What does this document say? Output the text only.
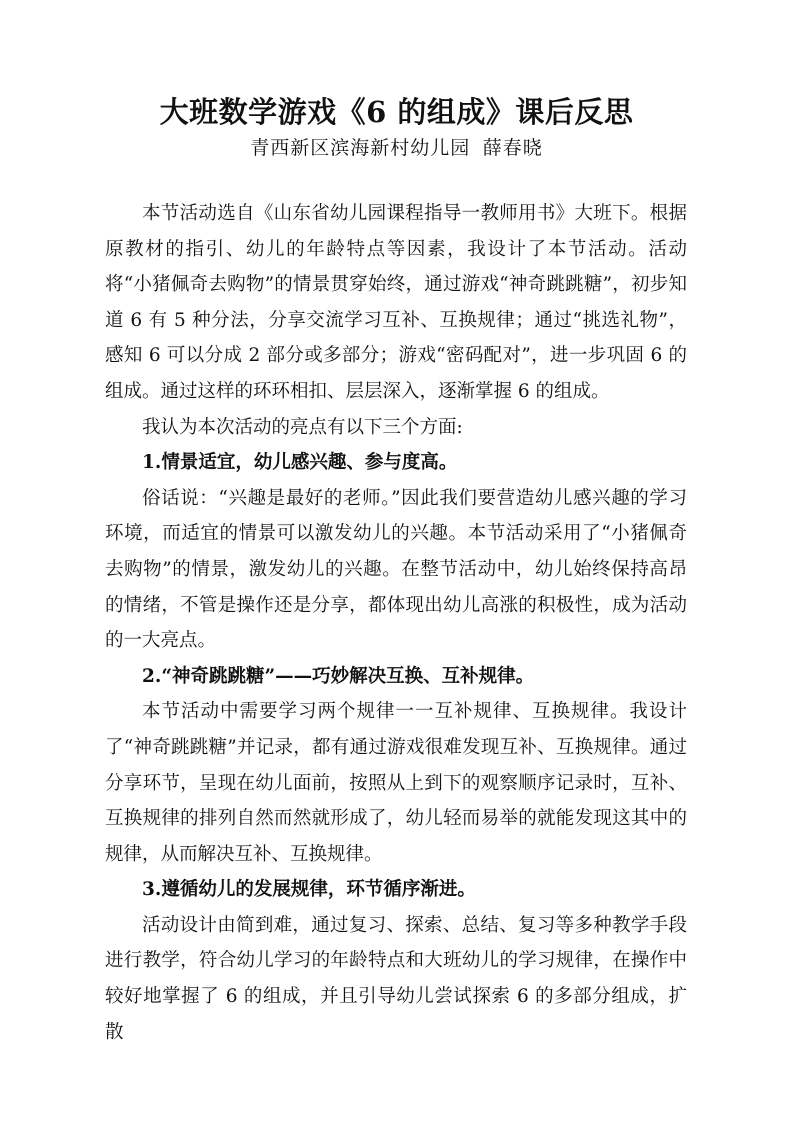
大班数学游戏《6 的组成》课后反思

青西新区滨海新村幼儿园 薛春晓

本节活动选自《山东省幼儿园课程指导一教师用书》大班下。根据原教材的指引、幼儿的年龄特点等因素，我设计了本节活动。活动将“小猪佩奇去购物”的情景贯穿始终，通过游戏“神奇跳跳糖”，初步知道 6 有 5 种分法，分享交流学习互补、互换规律；通过“挑选礼物”，感知 6 可以分成 2 部分或多部分；游戏“密码配对”，进一步巩固 6 的组成。通过这样的环环相扣、层层深入，逐渐掌握 6 的组成。

我认为本次活动的亮点有以下三个方面:

1.情景适宜，幼儿感兴趣、参与度高。

俗话说：“兴趣是最好的老师。”因此我们要营造幼儿感兴趣的学习环境，而适宜的情景可以激发幼儿的兴趣。本节活动采用了“小猪佩奇去购物”的情景，激发幼儿的兴趣。在整节活动中，幼儿始终保持高昂的情绪，不管是操作还是分享，都体现出幼儿高涨的积极性，成为活动的一大亮点。

2.“神奇跳跳糖”——巧妙解决互换、互补规律。

本节活动中需要学习两个规律一一互补规律、互换规律。我设计了“神奇跳跳糖”并记录，都有通过游戏很难发现互补、互换规律。通过分享环节，呈现在幼儿面前，按照从上到下的观察顺序记录时，互补、互换规律的排列自然而然就形成了，幼儿轻而易举的就能发现这其中的规律，从而解决互补、互换规律。

3.遵循幼儿的发展规律，环节循序渐进。

活动设计由简到难，通过复习、探索、总结、复习等多种教学手段进行教学，符合幼儿学习的年龄特点和大班幼儿的学习规律，在操作中较好地掌握了 6 的组成，并且引导幼儿尝试探索 6 的多部分组成，扩散
